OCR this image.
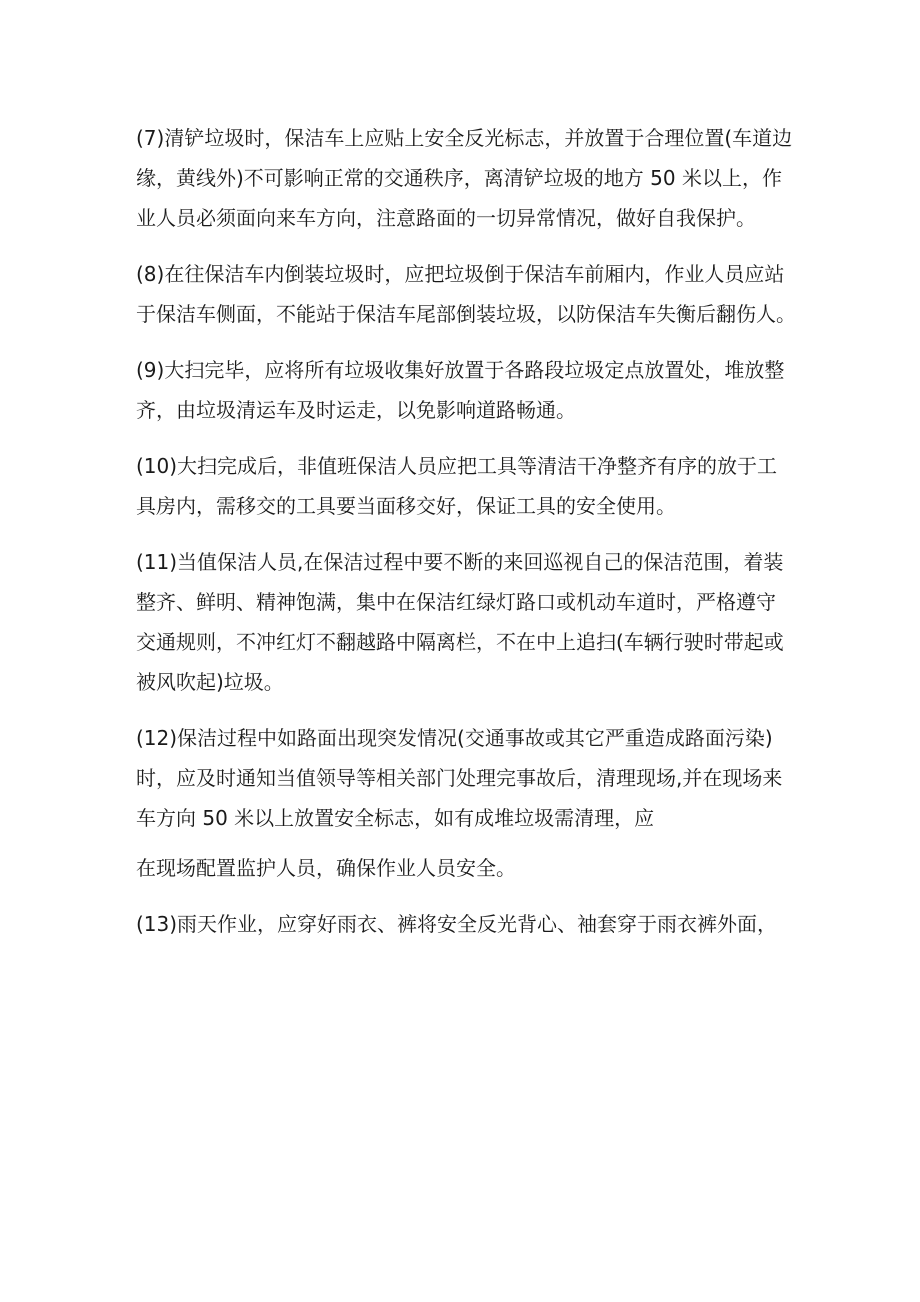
(7)清铲垃圾时，保洁车上应贴上安全反光标志，并放置于合理位置(车道边
缘，黄线外)不可影响正常的交通秩序，离清铲垃圾的地方 50 米以上，作
业人员必须面向来车方向，注意路面的一切异常情况，做好自我保护。

(8)在往保洁车内倒装垃圾时，应把垃圾倒于保洁车前厢内，作业人员应站
于保洁车侧面，不能站于保洁车尾部倒装垃圾，以防保洁车失衡后翻伤人。

(9)大扫完毕，应将所有垃圾收集好放置于各路段垃圾定点放置处，堆放整
齐，由垃圾清运车及时运走，以免影响道路畅通。

(10)大扫完成后，非值班保洁人员应把工具等清洁干净整齐有序的放于工
具房内，需移交的工具要当面移交好，保证工具的安全使用。

(11)当值保洁人员,在保洁过程中要不断的来回巡视自己的保洁范围，着装
整齐、鲜明、精神饱满，集中在保洁红绿灯路口或机动车道时，严格遵守
交通规则，不冲红灯不翻越路中隔离栏，不在中上追扫(车辆行驶时带起或
被风吹起)垃圾。

(12)保洁过程中如路面出现突发情况(交通事故或其它严重造成路面污染)
时，应及时通知当值领导等相关部门处理完事故后，清理现场,并在现场来
车方向 50 米以上放置安全标志，如有成堆垃圾需清理，应

在现场配置监护人员，确保作业人员安全。

(13)雨天作业，应穿好雨衣、裤将安全反光背心、袖套穿于雨衣裤外面，
